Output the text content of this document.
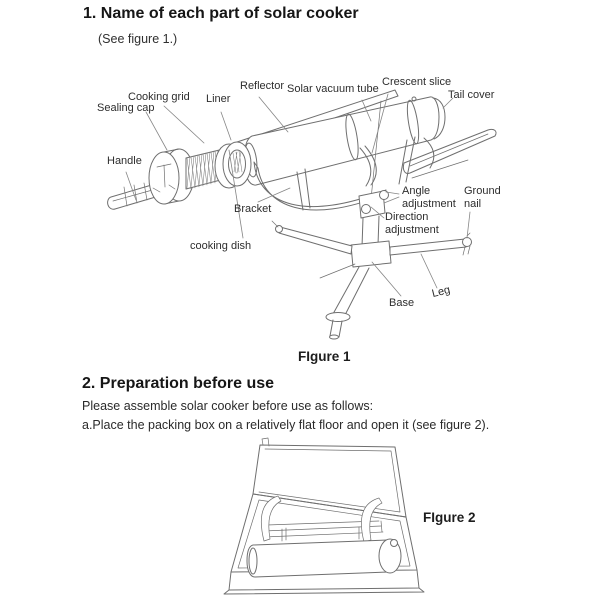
1. Name of each part of solar cooker
(See figure 1.)
Cooking grid
Sealing cap
Liner
Reflector Solar vacuum tube
Crescent slice
Tail cover
Handle
Bracket
cooking dish
Angle adjustment
Ground nail
Direction adjustment
Base
Leg
FIgure 1
FIgure 2
2. Preparation before use
Please assemble solar cooker before use as follows:
a.Place the packing box on a relatively flat floor and open it (see figure 2).
